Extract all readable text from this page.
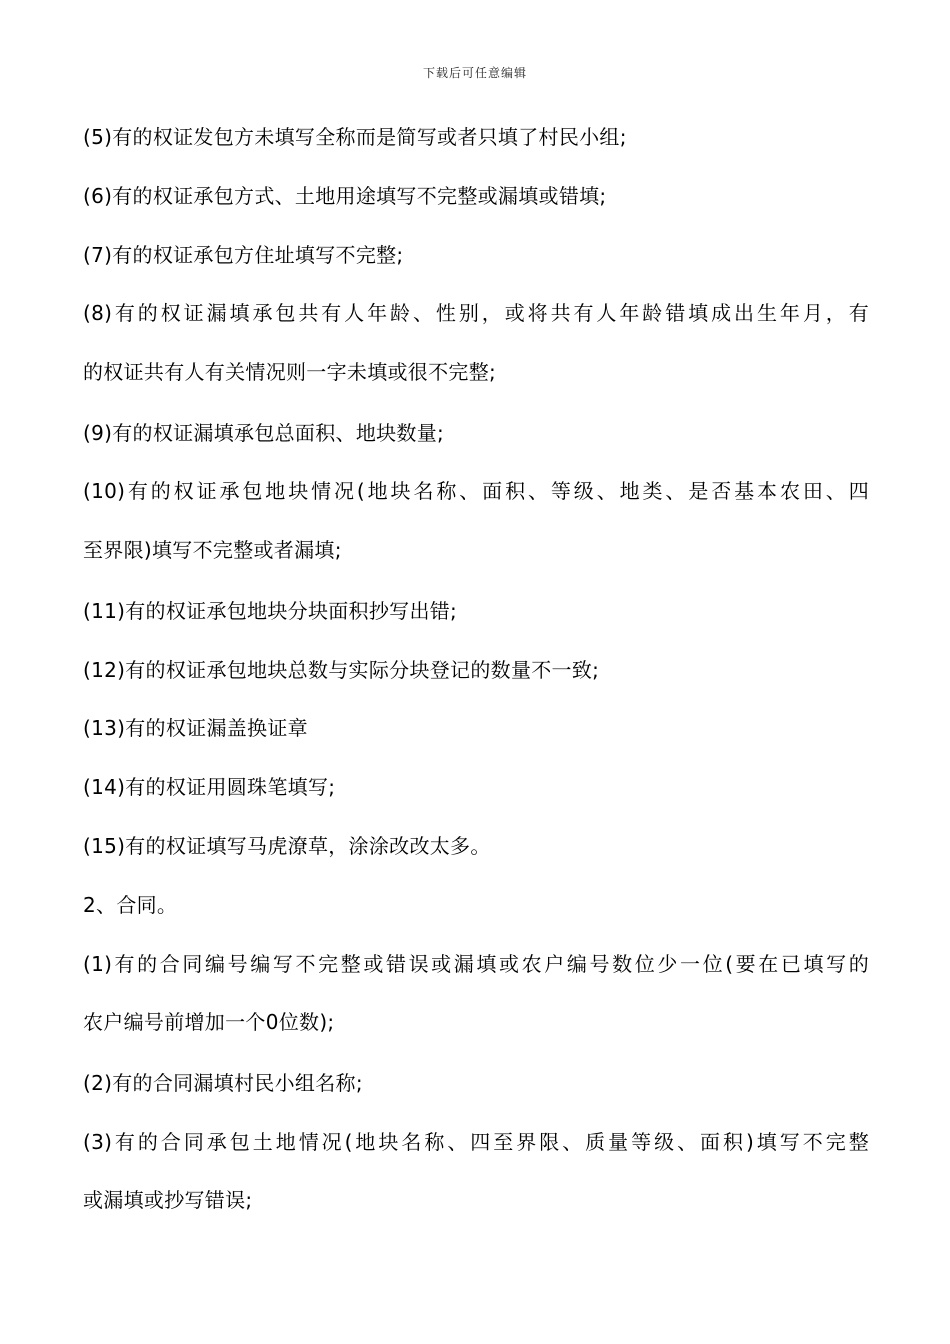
下载后可任意编辑
(5)有的权证发包方未填写全称而是简写或者只填了村民小组;
(6)有的权证承包方式、土地用途填写不完整或漏填或错填;
(7)有的权证承包方住址填写不完整;
(8)有的权证漏填承包共有人年龄、性别，或将共有人年龄错填成出生年月，有
的权证共有人有关情况则一字未填或很不完整;
(9)有的权证漏填承包总面积、地块数量;
(10)有的权证承包地块情况(地块名称、面积、等级、地类、是否基本农田、四
至界限)填写不完整或者漏填;
(11)有的权证承包地块分块面积抄写出错;
(12)有的权证承包地块总数与实际分块登记的数量不一致;
(13)有的权证漏盖换证章
(14)有的权证用圆珠笔填写;
(15)有的权证填写马虎潦草，涂涂改改太多。
2、合同。
(1)有的合同编号编写不完整或错误或漏填或农户编号数位少一位(要在已填写的
农户编号前增加一个0位数);
(2)有的合同漏填村民小组名称;
(3)有的合同承包土地情况(地块名称、四至界限、质量等级、面积)填写不完整
或漏填或抄写错误;
